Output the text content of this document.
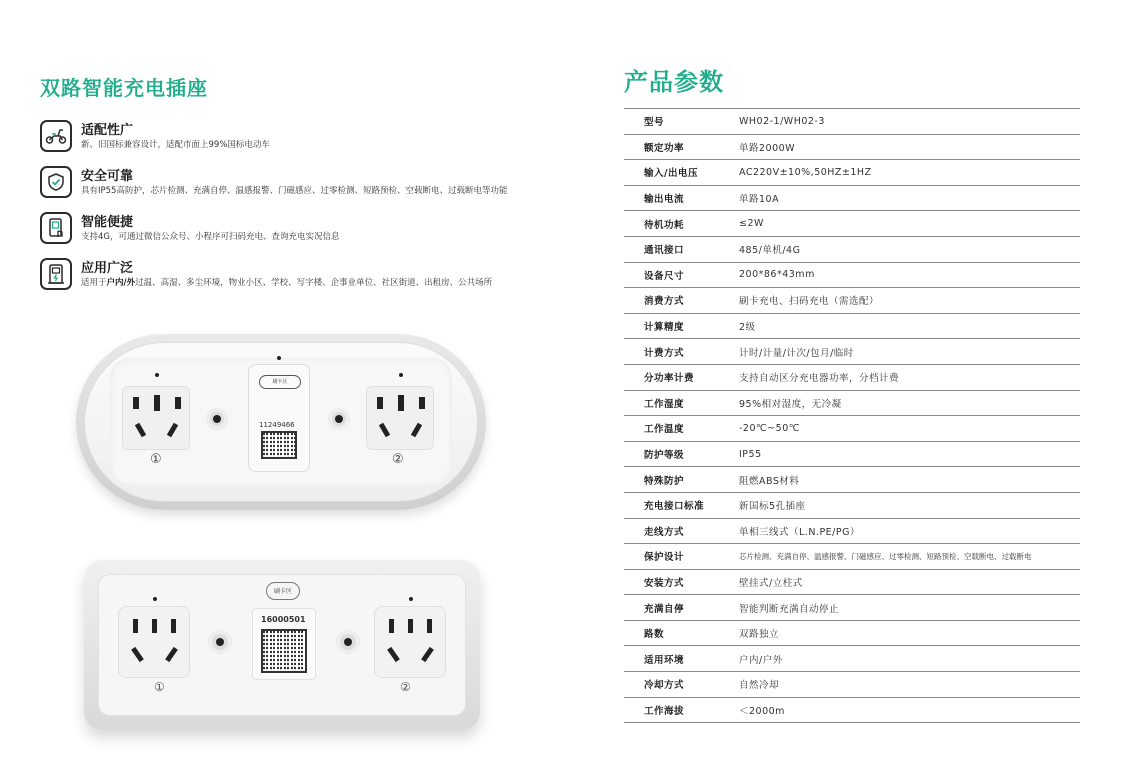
双路智能充电插座
适配性广
新、旧国标兼容设计，适配市面上99%国标电动车
安全可靠
具有IP55高防护，芯片检测、充满自停、温感报警、门磁感应、过零检测、短路预检、空载断电、过载断电等功能
智能便捷
支持4G，可通过微信公众号、小程序可扫码充电、查询充电实况信息
应用广泛
适用于户内/外过温、高湿、多尘环境，物业小区、学校、写字楼、企事业单位、社区街道、出租房、公共场所
①
刷卡区
11249466
②
①
刷卡区
16000501
②
产品参数
型号	WH02-1/WH02-3
额定功率	单路2000W
输入/出电压	AC220V±10%,50HZ±1HZ
输出电流	单路10A
待机功耗	≤2W
通讯接口	485/单机/4G
设备尺寸	200*86*43mm
消费方式	刷卡充电、扫码充电（需选配）
计算精度	2级
计费方式	计时/计量/计次/包月/临时
分功率计费	支持自动区分充电器功率，分档计费
工作湿度	95%相对湿度，无冷凝
工作温度	-20℃~50℃
防护等级	IP55
特殊防护	阻燃ABS材料
充电接口标准	新国标5孔插座
走线方式	单相三线式（L.N.PE/PG）
保护设计	芯片检测、充满自停、温感报警、门磁感应、过零检测、短路预检、空载断电、过载断电
安装方式	壁挂式/立柱式
充满自停	智能判断充满自动停止
路数	双路独立
适用环境	户内/户外
冷却方式	自然冷却
工作海拔	＜2000m
